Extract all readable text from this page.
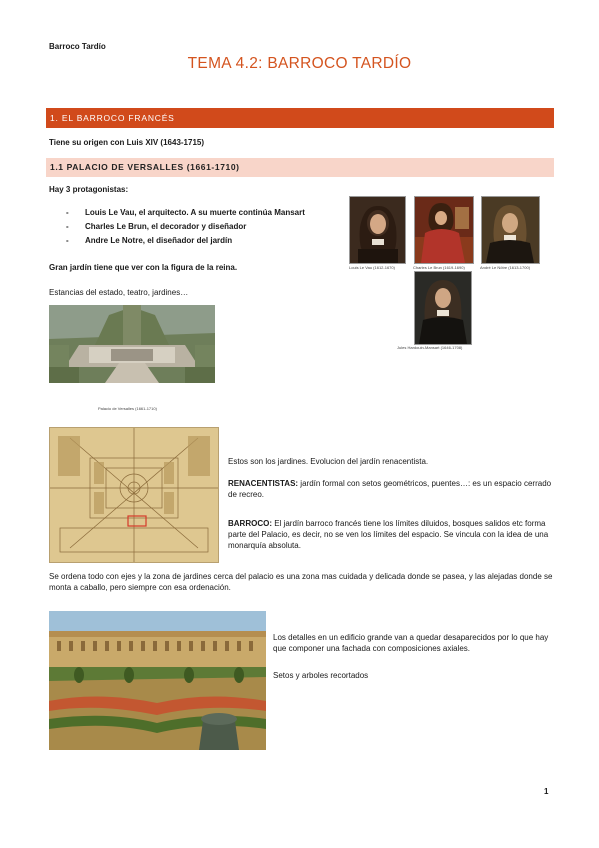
Barroco Tardío
TEMA 4.2: BARROCO TARDÍO
1. EL BARROCO FRANCÉS
Tiene su origen con Luis XIV (1643-1715)
1.1 PALACIO DE VERSALLES (1661-1710)
Hay 3 protagonistas:
- Louis Le Vau, el arquitecto. A su muerte continúa Mansart
- Charles Le Brun, el decorador y diseñador
- Andre Le Notre, el diseñador del jardín
Gran jardín tiene que ver con la figura de la reina.
Estancias del estado, teatro, jardines…
Louis Le Vau (1612-1670)	Charles Le Brun (1619-1690)	André Le Nôtre (1613-1700)
Jules Hardouin-Mansart (1646-1708)
Palacio de Versalles (1661-1710)
Estos son los jardines. Evolucion del jardín renacentista.
RENACENTISTAS: jardín formal con setos geométricos, puentes…: es un espacio cerrado de recreo.
BARROCO: El jardín barroco francés tiene los límites diluidos, bosques salidos etc forma parte del Palacio, es decir, no se ven los límites del espacio. Se vincula con la idea de una monarquía absoluta.
Se ordena todo con ejes y la zona de jardines cerca del palacio es una zona mas cuidada y delicada donde se pasea, y las alejadas donde se monta a caballo, pero siempre con esa ordenación.
Los detalles en un edificio grande van a quedar desaparecidos por lo que hay que componer una fachada con composiciones axiales.
Setos y arboles recortados
1
